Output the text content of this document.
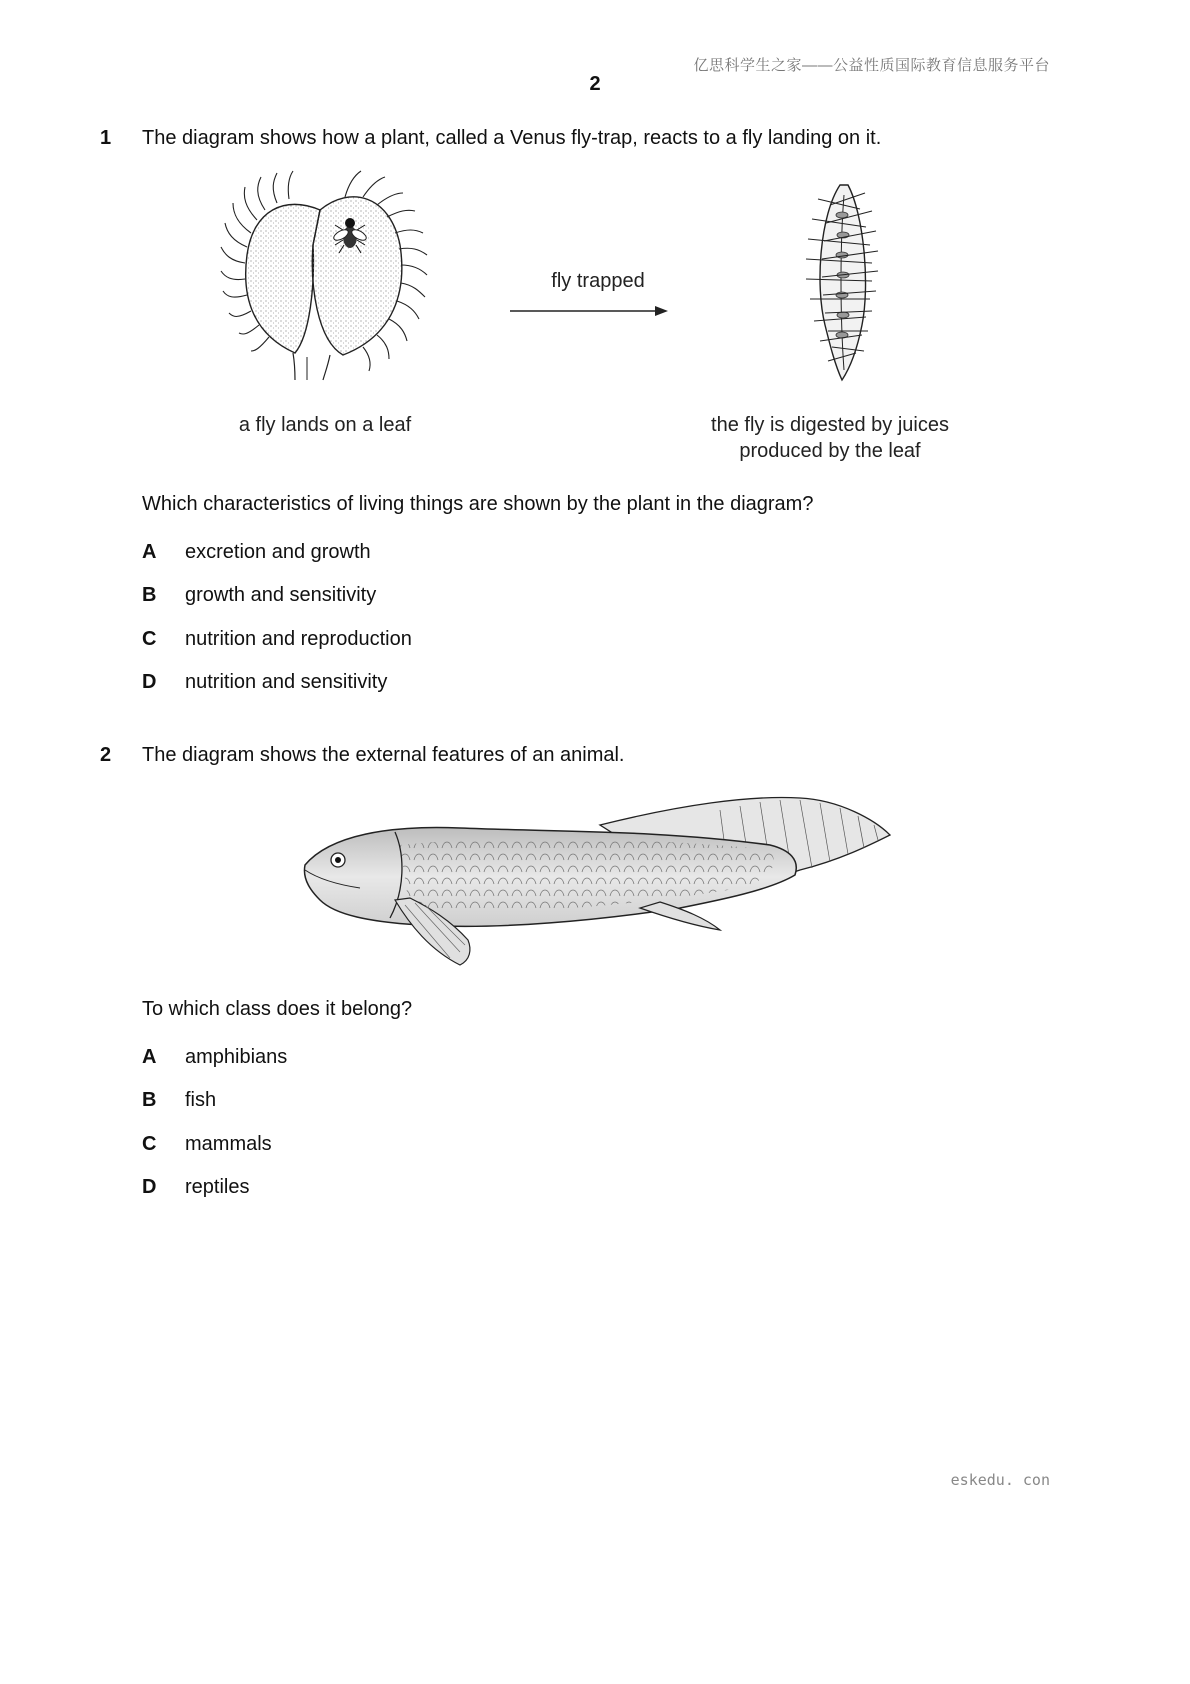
亿思科学生之家——公益性质国际教育信息服务平台
2
1 The diagram shows how a plant, called a Venus fly-trap, reacts to a fly landing on it.
fly trapped
a fly lands on a leaf	the fly is digested by juices
produced by the leaf
Which characteristics of living things are shown by the plant in the diagram?
A excretion and growth
B growth and sensitivity
C nutrition and reproduction
D nutrition and sensitivity
2 The diagram shows the external features of an animal.
To which class does it belong?
A amphibians
B fish
C mammals
D reptiles
eskedu. con
